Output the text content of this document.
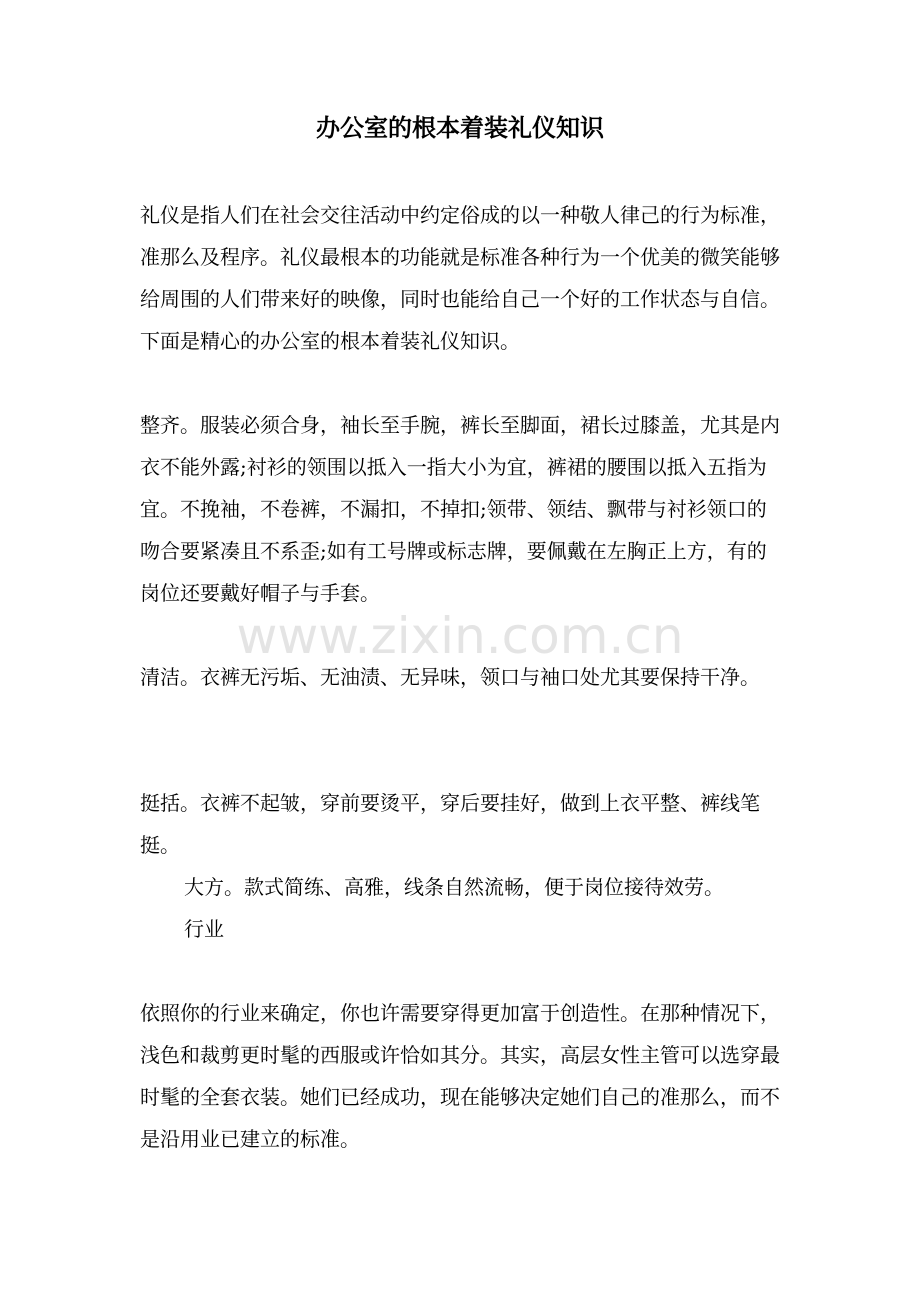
办公室的根本着装礼仪知识
www.zixin.com.cn

礼仪是指人们在社会交往活动中约定俗成的以一种敬人律己的行为标准，准那么及程序。礼仪最根本的功能就是标准各种行为一个优美的微笑能够给周围的人们带来好的映像，同时也能给自己一个好的工作状态与自信。下面是精心的办公室的根本着装礼仪知识。

整齐。服装必须合身，袖长至手腕，裤长至脚面，裙长过膝盖，尤其是内衣不能外露;衬衫的领围以抵入一指大小为宜，裤裙的腰围以抵入五指为宜。不挽袖，不卷裤，不漏扣，不掉扣;领带、领结、飘带与衬衫领口的吻合要紧凑且不系歪;如有工号牌或标志牌，要佩戴在左胸正上方，有的岗位还要戴好帽子与手套。

清洁。衣裤无污垢、无油渍、无异味，领口与袖口处尤其要保持干净。

挺括。衣裤不起皱，穿前要烫平，穿后要挂好，做到上衣平整、裤线笔挺。

大方。款式简练、高雅，线条自然流畅，便于岗位接待效劳。

行业

依照你的行业来确定，你也许需要穿得更加富于创造性。在那种情况下，浅色和裁剪更时髦的西服或许恰如其分。其实，高层女性主管可以选穿最时髦的全套衣装。她们已经成功，现在能够决定她们自己的准那么，而不是沿用业已建立的标准。
